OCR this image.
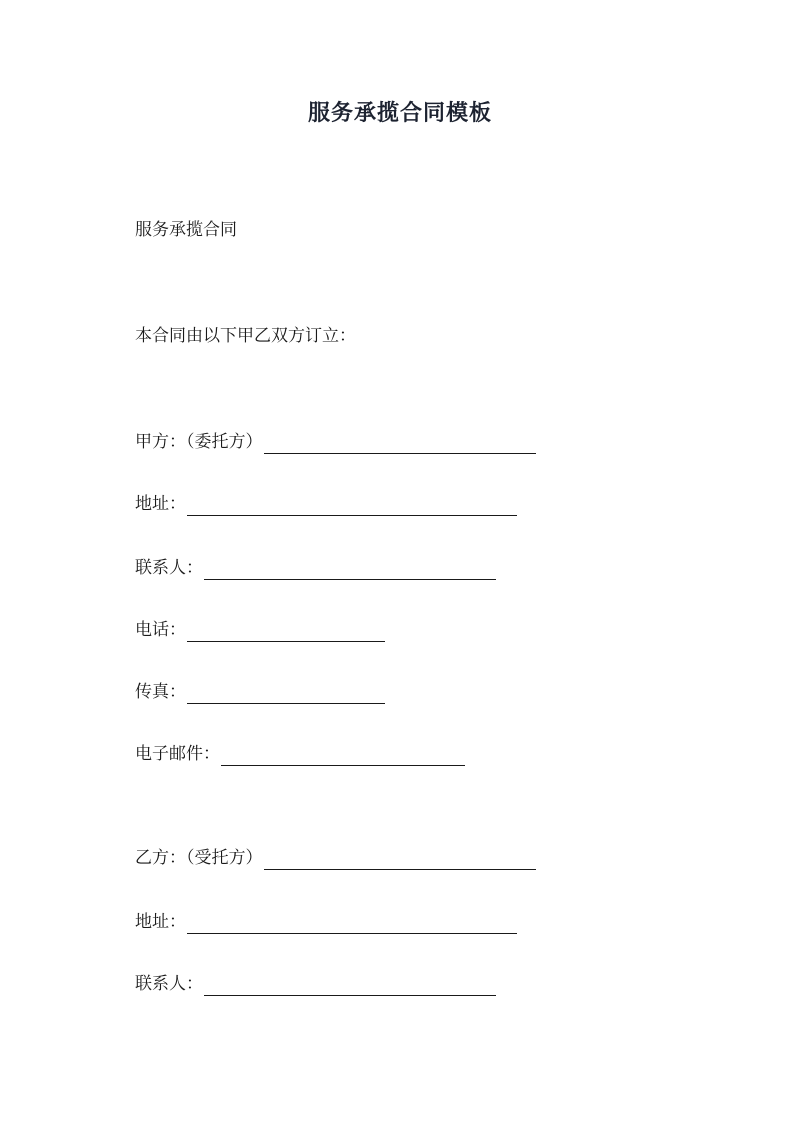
服务承揽合同模板
服务承揽合同
本合同由以下甲乙双方订立：
甲方：（委托方）
地址：
联系人：
电话：
传真：
电子邮件：
乙方：（受托方）
地址：
联系人：
